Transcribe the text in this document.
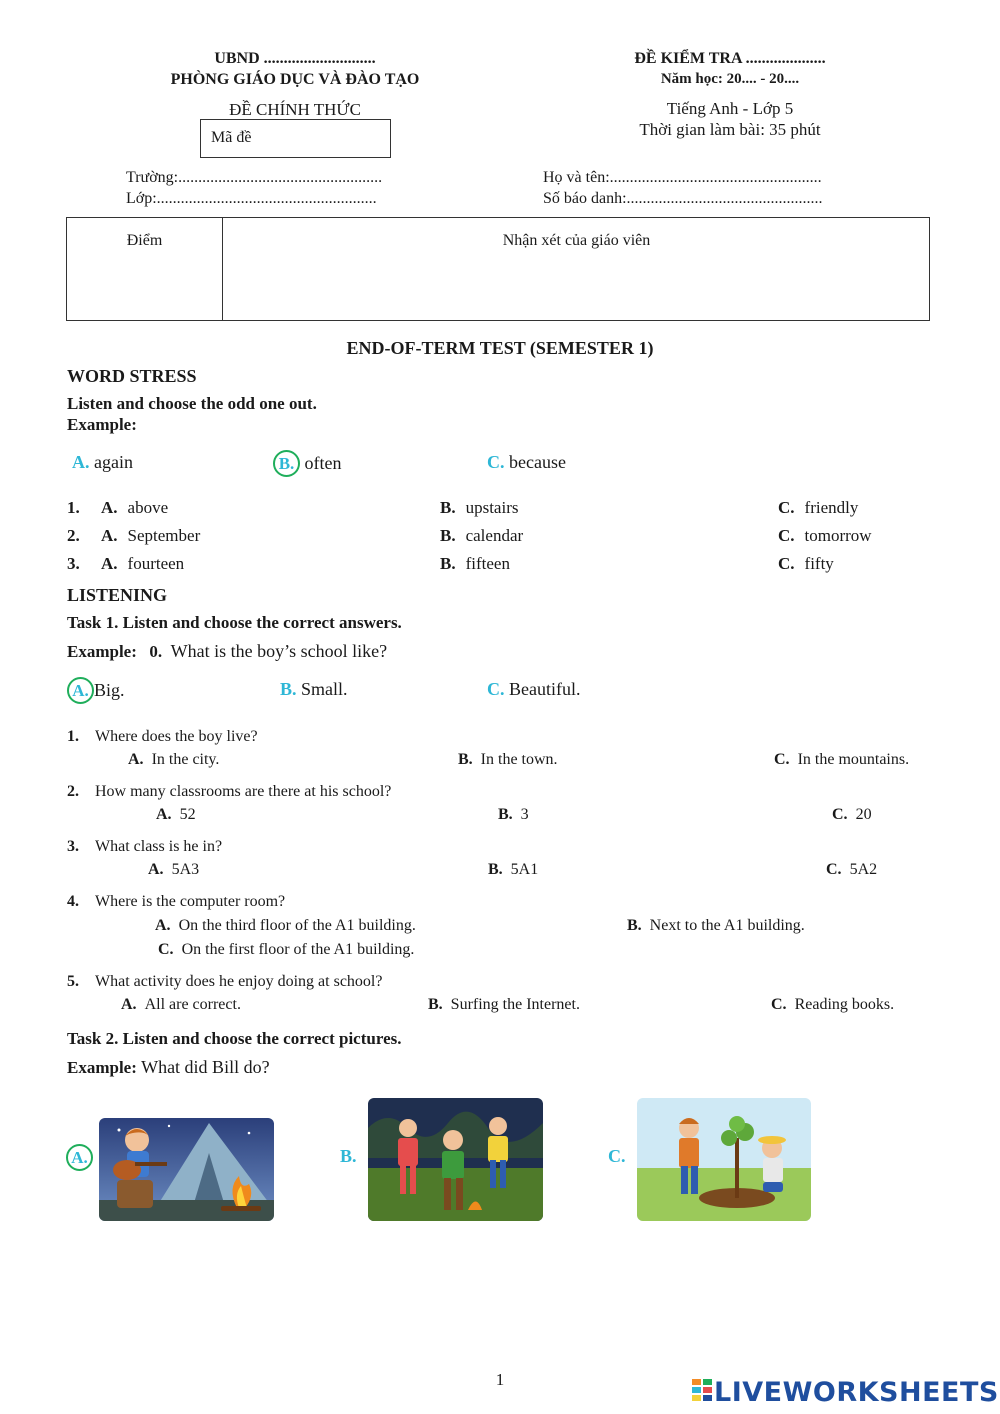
UBND ............................
PHÒNG GIÁO DỤC VÀ ĐÀO TẠO
ĐỀ CHÍNH THỨC
Mã đề
ĐỀ KIỂM TRA ....................
Năm học: 20.... - 20....
Tiếng Anh - Lớp 5
Thời gian làm bài: 35 phút
Trường:...................................................
Lớp:.......................................................
Họ và tên:.....................................................
Số báo danh:.................................................
Điểm	Nhận xét của giáo viên
END-OF-TERM TEST (SEMESTER 1)
WORD STRESS
Listen and choose the odd one out.
Example:
A. again	B. often	C. because
1. A. above	B. upstairs	C. friendly
2. A. September	B. calendar	C. tomorrow
3. A. fourteen	B. fifteen	C. fifty
LISTENING
Task 1. Listen and choose the correct answers.
Example: 0. What is the boy’s school like?
A. Big.	B. Small.	C. Beautiful.
1. Where does the boy live?
A. In the city.	B. In the town.	C. In the mountains.
2. How many classrooms are there at his school?
A. 52	B. 3	C. 20
3. What class is he in?
A. 5A3	B. 5A1	C. 5A2
4. Where is the computer room?
A. On the third floor of the A1 building.	B. Next to the A1 building.
C. On the first floor of the A1 building.
5. What activity does he enjoy doing at school?
A. All are correct.	B. Surfing the Internet.	C. Reading books.
Task 2. Listen and choose the correct pictures.
Example: What did Bill do?
A.	B.	C.
1	LIVEWORKSHEETS
